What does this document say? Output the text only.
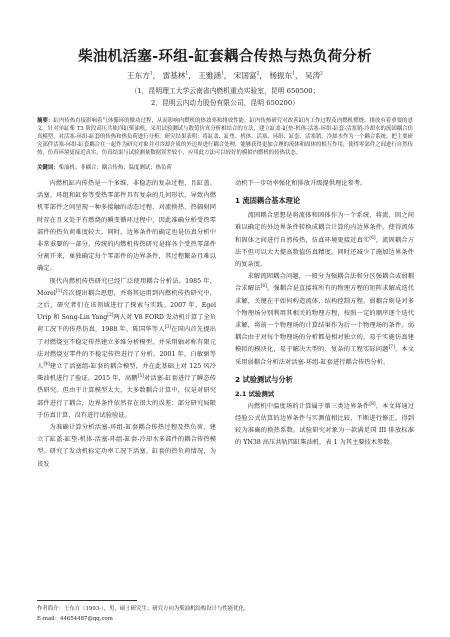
柴油机活塞-环组-缸套耦合传热与热负荷分析
王东方$^1$， 雷基林$^1$， 王雅涵$^1$， 宋国富$^2$， 杨振东$^1$， 吴涛$^2$
（1．昆明理工大学云南省内燃机重点实验室，昆明 650500；
2．昆明云内动力股份有限公司，昆明 650200）
摘要：缸内传热直接影响着气体循环的做功过程，从而影响内燃机的热效率和排放性能。缸内传热研究对改善缸内工作过程及内燃机燃烧、排放有着重要的意义。针对单缸柴 T3 阶段高压共轨四缸柴油机，采用试验测试与数值仿真分析相结合的方法，建立缸盖-缸垫-机体-活塞-环组-缸套-活塞销-冷却水的流固耦合仿真模型，对活塞-环组-缸套的传热和热负荷进行分析。研究结果表明：将缸盖、缸垫、机体、活塞、环组、缸套、活塞销、冷却水作为一个耦合系统，把主要研究部件活塞-环组-缸套耦合在一起作为研究对象并对冷却介质的外边界进行耦合处理，能够获得更加合理的流体和固体的相互作用，使得零部件之间进行自然传热，仿真环境更接近真实，仿真结果与试验测量数据误差较小，应用此方法可以较好的模拟内燃机的传热状态。
关键词：柴油机；非耦合；耦合传热；温度测试；热负荷

内燃机缸内传热是一个多维、非稳态的复杂过程，且缸盖、活塞、环组和缸套等受热零部件具有复杂的几何形状，导致内燃机零部件之间呈现一种多接触的动态过程，对流换热、热辐射同时存在且又处于有燃烧的瞬变循环过程中，因此准确分析受热零部件的热负荷难度较大。同时，边界条件的确定也是仿真分析中非常重要的一部分，传统的内燃机传热研究是将各个受热零部件分割开来，单独确定每个零部件的边界条件，其过程繁杂且难以确定。

现代内燃机传热研究已经广泛使用耦合分析法。1985 年，Morel[1]首次提出耦合思想，并将其运用到内燃机传热研究中，之后，研究者们在该领域进行了探索与实践。2007 年，Egel Urip 和 Song-Lin Yang[2]两人对 V8 FORD 发动机计算了全负荷工况下的传热仿真，1988 年，陈国华等人[3]在国内首先提出了对燃烧室不稳定传热建立多维分析模型，并采用轴对称有限元法对燃烧室零件的不稳定传热进行了分析。2001 年，白敏丽等人[4]建立了活塞组-缸套的耦合模型，并在此基础上对 125 风冷柴油机进行了验证。2015 年，高鹏[5]对活塞-缸套进行了瞬态传热研究。但由于计算模型太大，大多数耦合计算中，仅是对研究部件进行了耦合，边界条件依然存在很大的误差；部分研究局限于仿真计算，没有进行试验验证。

为准确计算分析活塞-环组-缸套耦合传热过程及热负荷，建立了缸盖-缸垫-机体-活塞-环组-缸套-冷却水多部件的耦合传热模型。研究了发动机标定功率工况下活塞、缸套的热负荷情况，为该发

动机下一步功率强化和排放升级提供理论参考。

1 流固耦合基本理论

流固耦合思想是将流体和固体作为一个系统，将流、固之间难以确定的外边界条件转换成耦合计算的内边界条件，使得流体和固体之间进行自然传热，仿真环境更接近真实[6]，流固耦合方法不但可以大大提高数值仿真精度，同时还减少了施加边界条件的复杂度。

求解流固耦合问题，一般分为强耦合法和分区强耦合或弱耦合求解法[6]。强耦合是直接将所有的物理方程的矩阵求解成迭代求解，关键在于如何构造流体、结构控制方程。弱耦合则是对多个物理场分别利用其相关的物理方程，按照一定的顺序逐个迭代求解，将前一个物理场的计算结果作为后一个物理场的条件。弱耦合由于对每个物理场的分析都是相对独立的，易于实施仿真建模拟的模块化，易于解决大型的、复杂的工程实际问题[7]。本文采用弱耦合分析法对活塞-环组-缸套进行耦合传热分析。

2 试验测试与分析
2.1 试验测试

内燃机中温度场的计算属于第三类边界条件[8]。本文将通过经验公式估算的边界条件与实测值相比较，不断进行修正，得到较为准确的换热系数。试验研究对象为一款满足国 III 排放标准的 YN38 高压共轨四缸柴油机，表 1 为其主要技术参数。

作者简介：王东方（1993-），男，硕士研究生；研究方向为柴油机结构设计与性能优化。
E-mail：44654487@qq.com
